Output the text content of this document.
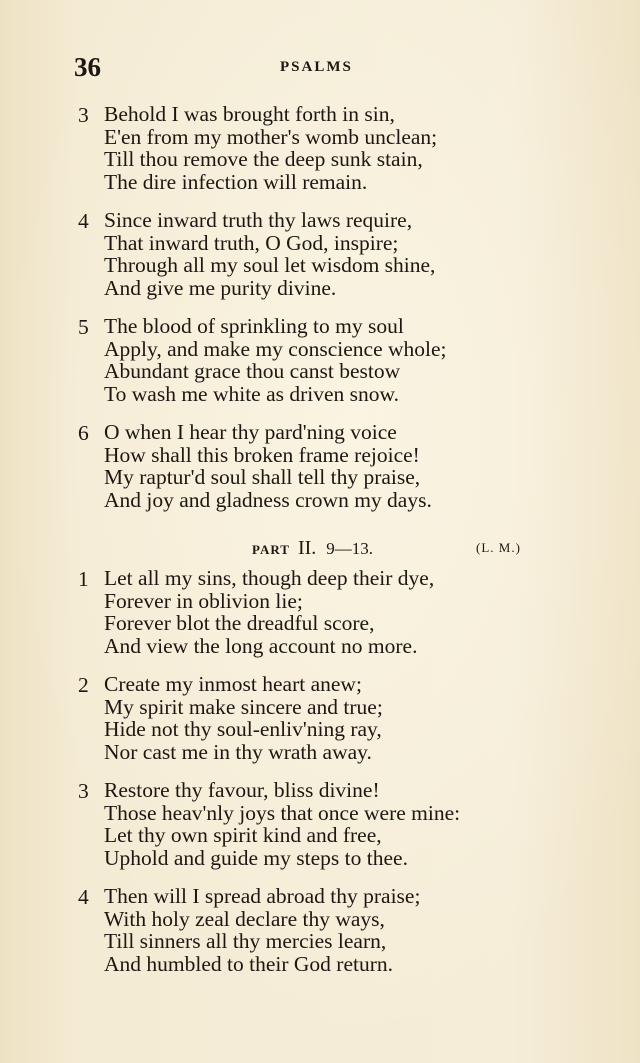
36	PSALMS
3 Behold I was brought forth in sin,
E'en from my mother's womb unclean;
Till thou remove the deep sunk stain,
The dire infection will remain.
4 Since inward truth thy laws require,
That inward truth, O God, inspire;
Through all my soul let wisdom shine,
And give me purity divine.
5 The blood of sprinkling to my soul
Apply, and make my conscience whole;
Abundant grace thou canst bestow
To wash me white as driven snow.
6 O when I hear thy pard'ning voice
How shall this broken frame rejoice!
My raptur'd soul shall tell thy praise,
And joy and gladness crown my days.
PART II. 9—13.	(L. M.)
1 Let all my sins, though deep their dye,
Forever in oblivion lie;
Forever blot the dreadful score,
And view the long account no more.
2 Create my inmost heart anew;
My spirit make sincere and true;
Hide not thy soul-enliv'ning ray,
Nor cast me in thy wrath away.
3 Restore thy favour, bliss divine!
Those heav'nly joys that once were mine:
Let thy own spirit kind and free,
Uphold and guide my steps to thee.
4 Then will I spread abroad thy praise;
With holy zeal declare thy ways,
Till sinners all thy mercies learn,
And humbled to their God return.
